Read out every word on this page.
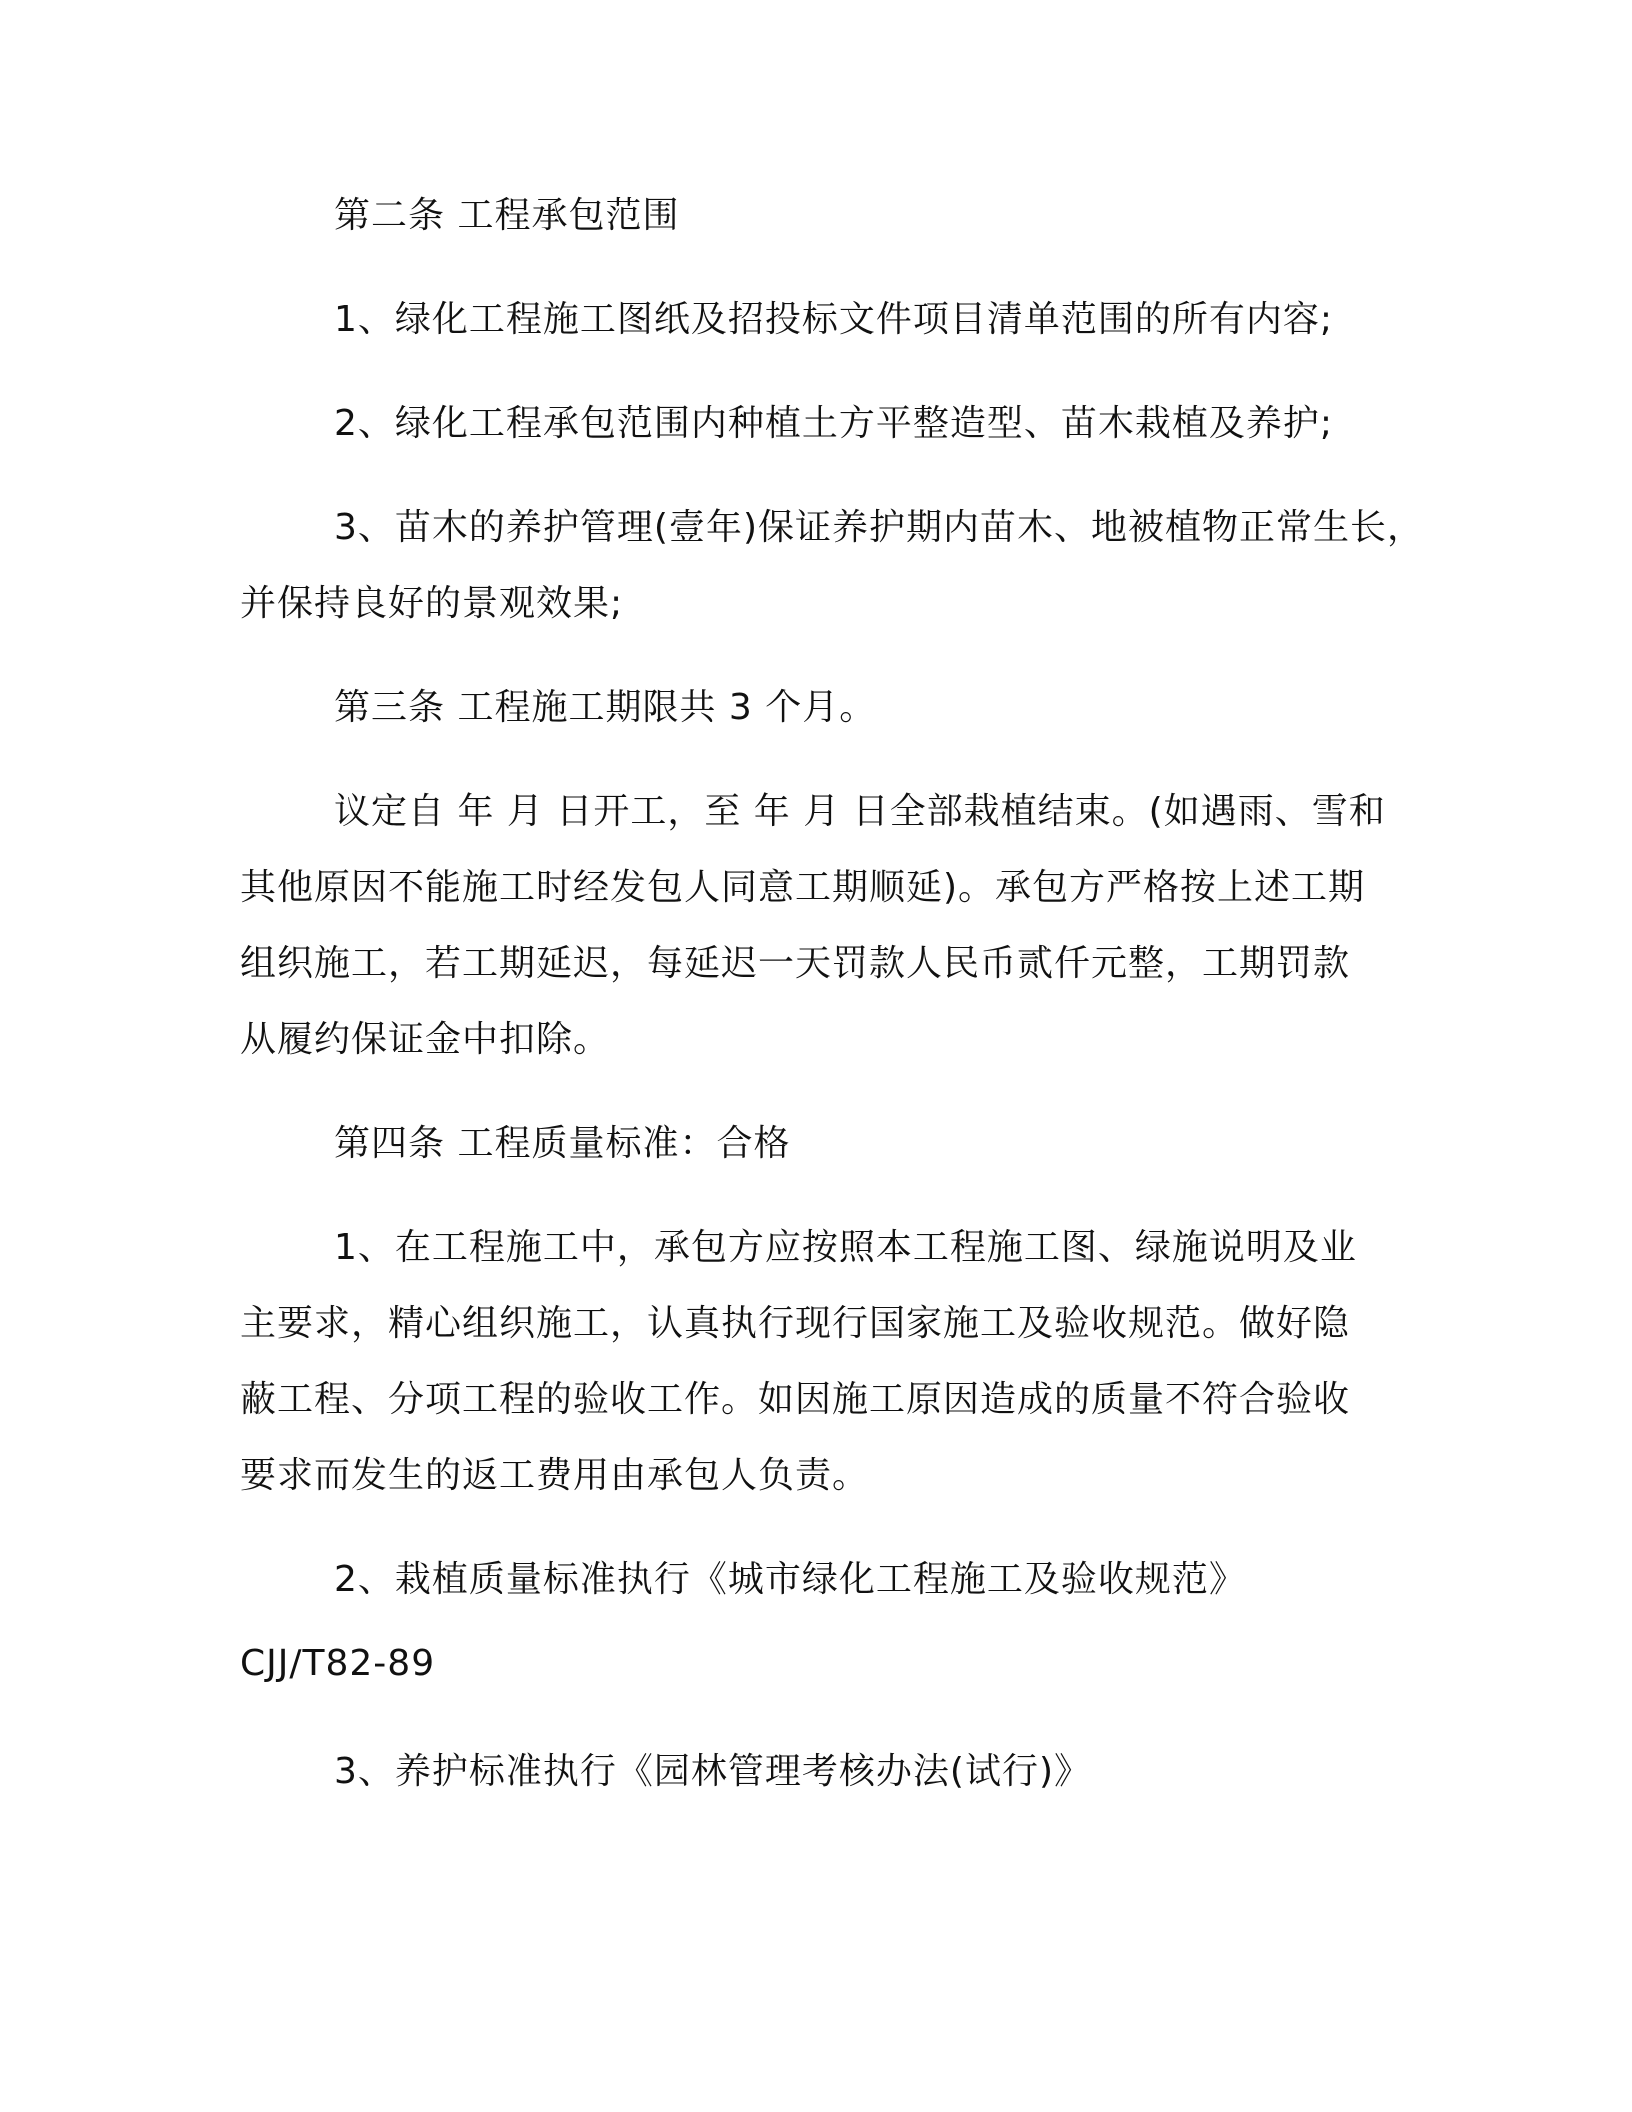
第二条 工程承包范围
1、绿化工程施工图纸及招投标文件项目清单范围的所有内容;
2、绿化工程承包范围内种植土方平整造型、苗木栽植及养护;
3、苗木的养护管理(壹年)保证养护期内苗木、地被植物正常生长，
并保持良好的景观效果;
第三条 工程施工期限共 3 个月。
议定自 年 月 日开工，至 年 月 日全部栽植结束。(如遇雨、雪和
其他原因不能施工时经发包人同意工期顺延)。承包方严格按上述工期
组织施工，若工期延迟，每延迟一天罚款人民币贰仟元整，工期罚款
从履约保证金中扣除。
第四条 工程质量标准：合格
1、在工程施工中，承包方应按照本工程施工图、绿施说明及业
主要求，精心组织施工，认真执行现行国家施工及验收规范。做好隐
蔽工程、分项工程的验收工作。如因施工原因造成的质量不符合验收
要求而发生的返工费用由承包人负责。
2、栽植质量标准执行《城市绿化工程施工及验收规范》
CJJ/T82-89
3、养护标准执行《园林管理考核办法(试行)》
